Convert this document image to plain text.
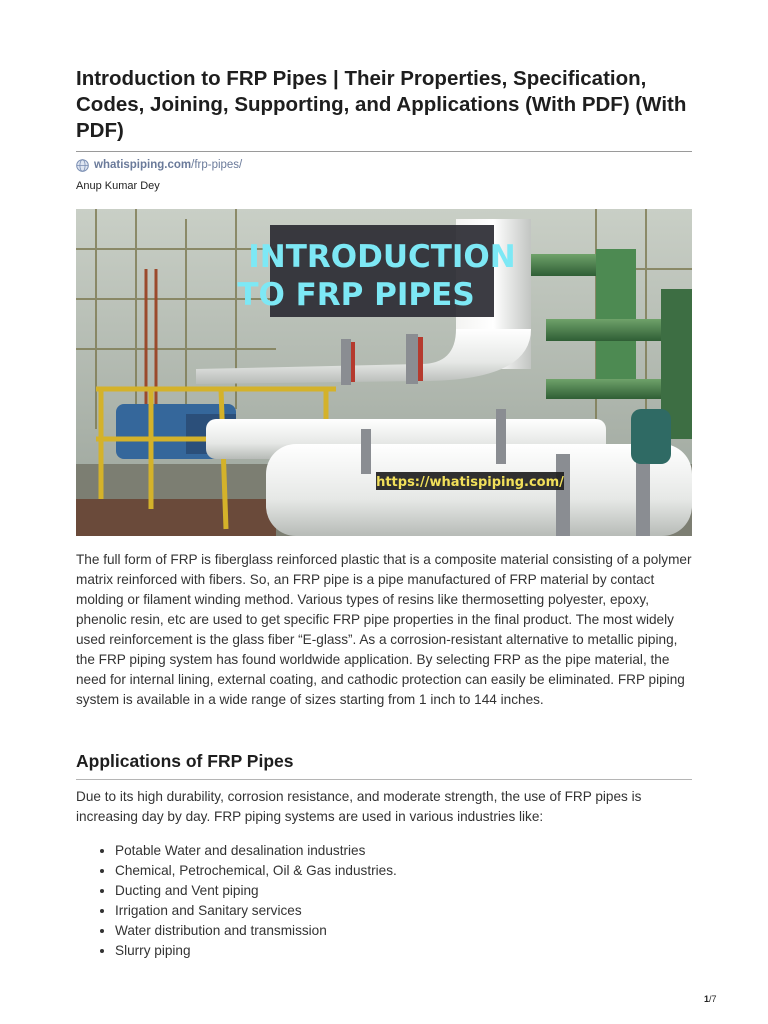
Introduction to FRP Pipes | Their Properties, Specification, Codes, Joining, Supporting, and Applications (With PDF) (With PDF)
whatispiping.com /frp-pipes/
Anup Kumar Dey
INTRODUCTION
TO FRP PIPES
https://whatispiping.com/

The full form of FRP is fiberglass reinforced plastic that is a composite material consisting of a polymer matrix reinforced with fibers. So, an FRP pipe is a pipe manufactured of FRP material by contact molding or filament winding method. Various types of resins like thermosetting polyester, epoxy, phenolic resin, etc are used to get specific FRP pipe properties in the final product. The most widely used reinforcement is the glass fiber “E-glass”. As a corrosion-resistant alternative to metallic piping, the FRP piping system has found worldwide application. By selecting FRP as the pipe material, the need for internal lining, external coating, and cathodic protection can easily be eliminated. FRP piping system is available in a wide range of sizes starting from 1 inch to 144 inches.

Applications of FRP Pipes

Due to its high durability, corrosion resistance, and moderate strength, the use of FRP pipes is increasing day by day. FRP piping systems are used in various industries like:

• Potable Water and desalination industries
• Chemical, Petrochemical, Oil & Gas industries.
• Ducting and Vent piping
• Irrigation and Sanitary services
• Water distribution and transmission
• Slurry piping
1/7
